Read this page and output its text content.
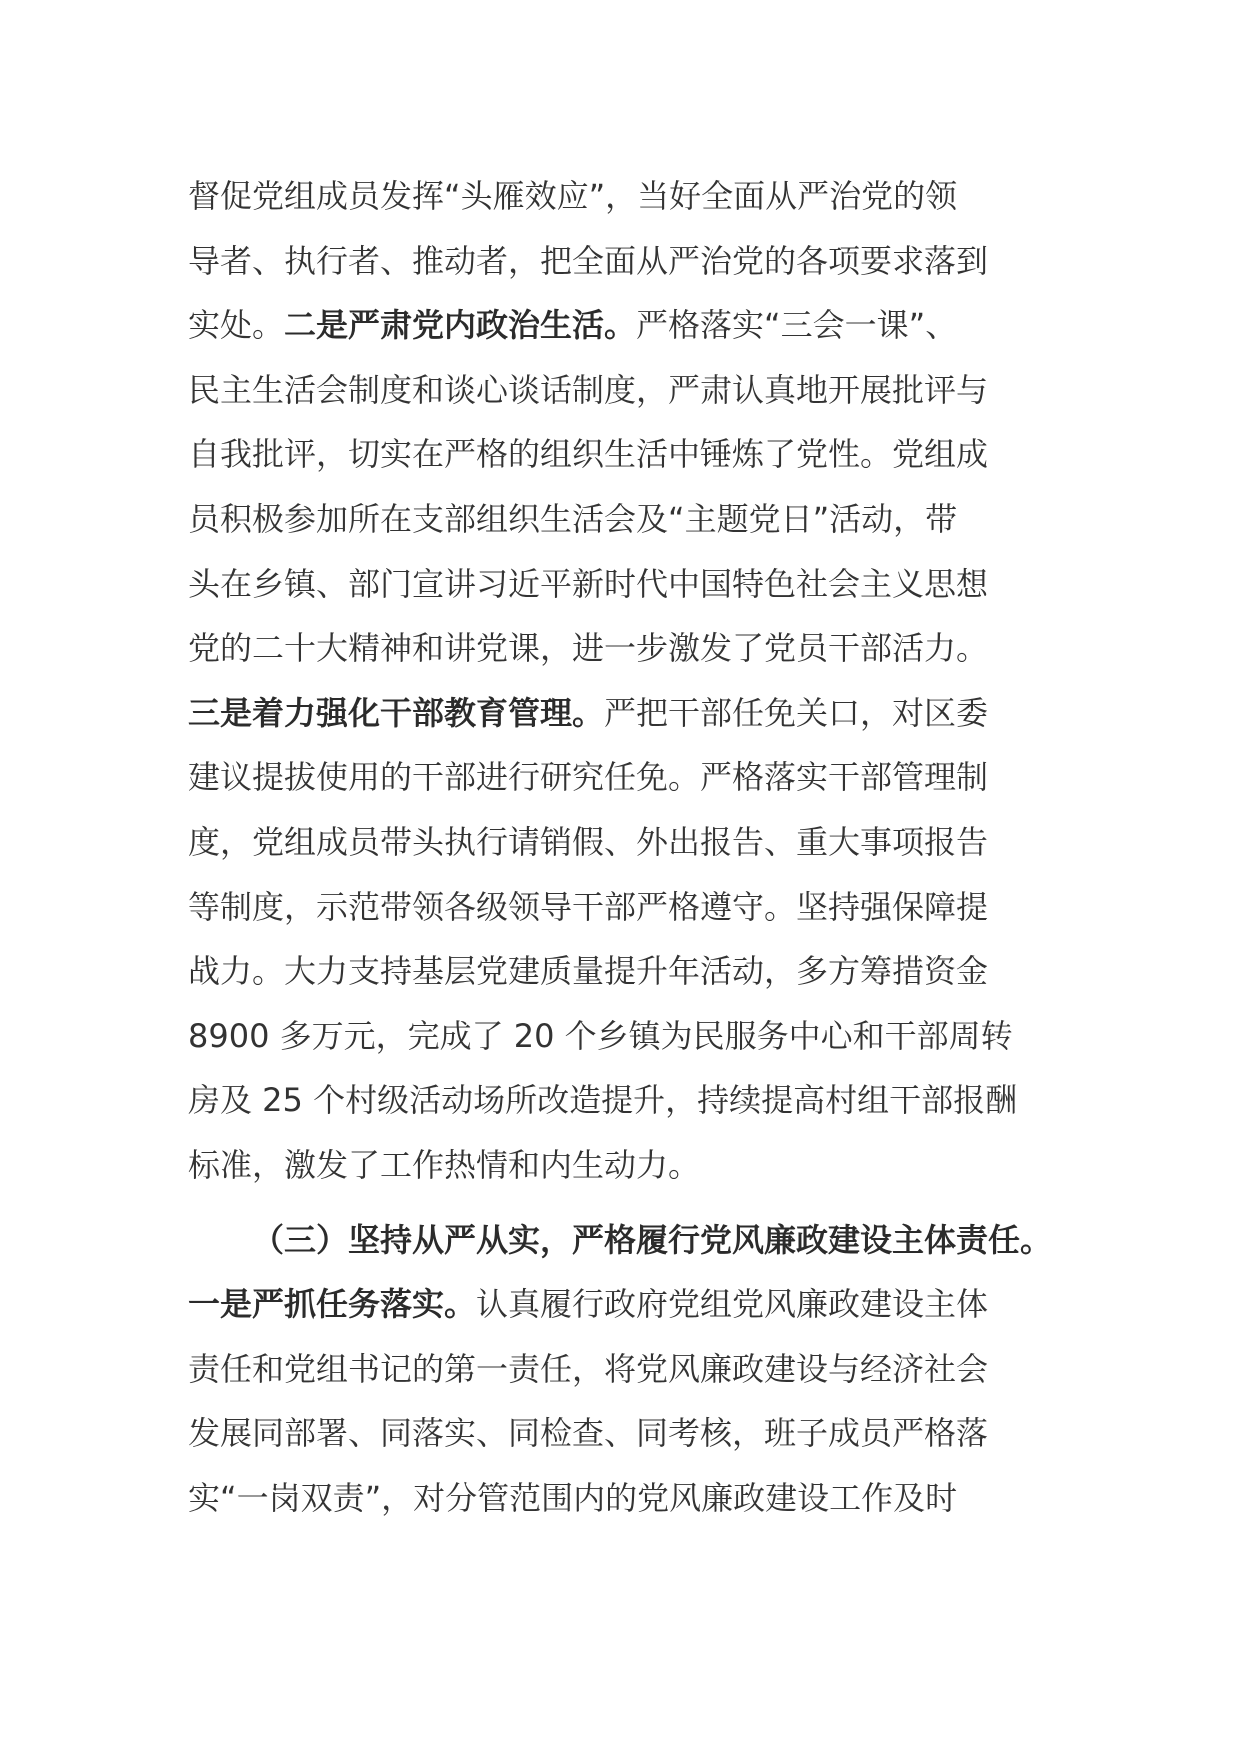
督促党组成员发挥“头雁效应”，当好全面从严治党的领
导者、执行者、推动者，把全面从严治党的各项要求落到
实处。二是严肃党内政治生活。严格落实“三会一课”、
民主生活会制度和谈心谈话制度，严肃认真地开展批评与
自我批评，切实在严格的组织生活中锤炼了党性。党组成
员积极参加所在支部组织生活会及“主题党日”活动，带
头在乡镇、部门宣讲习近平新时代中国特色社会主义思想
党的二十大精神和讲党课，进一步激发了党员干部活力。
三是着力强化干部教育管理。严把干部任免关口，对区委
建议提拔使用的干部进行研究任免。严格落实干部管理制
度，党组成员带头执行请销假、外出报告、重大事项报告
等制度，示范带领各级领导干部严格遵守。坚持强保障提
战力。大力支持基层党建质量提升年活动，多方筹措资金
8900 多万元，完成了 20 个乡镇为民服务中心和干部周转
房及 25 个村级活动场所改造提升，持续提高村组干部报酬
标准，激发了工作热情和内生动力。
（三）坚持从严从实，严格履行党风廉政建设主体责任。
一是严抓任务落实。认真履行政府党组党风廉政建设主体
责任和党组书记的第一责任，将党风廉政建设与经济社会
发展同部署、同落实、同检查、同考核，班子成员严格落
实“一岗双责”，对分管范围内的党风廉政建设工作及时
